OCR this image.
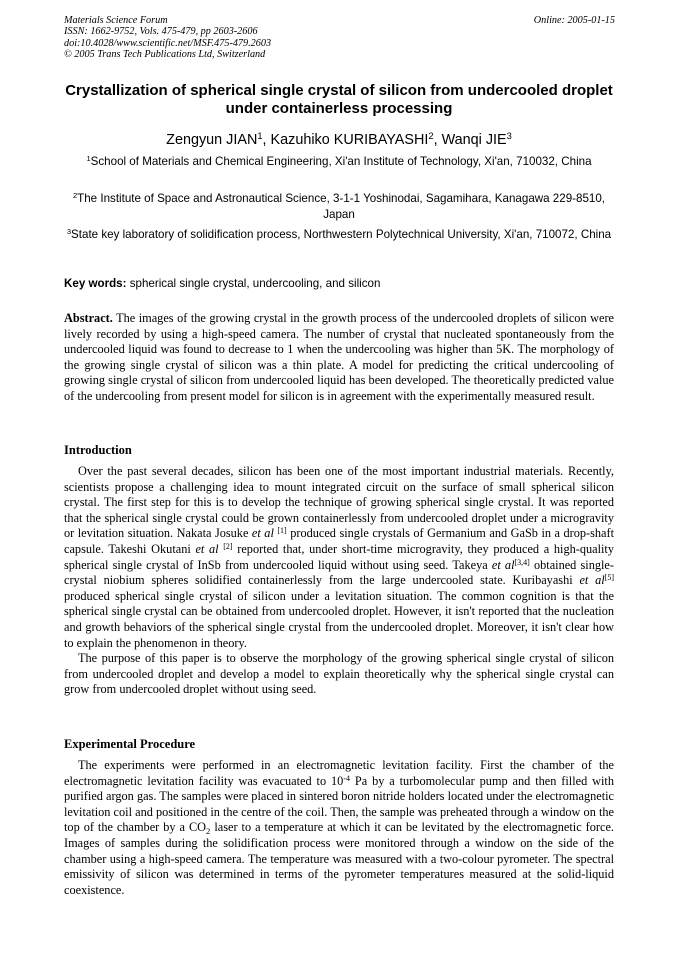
Materials Science Forum
ISSN: 1662-9752, Vols. 475-479, pp 2603-2606
doi:10.4028/www.scientific.net/MSF.475-479.2603
© 2005 Trans Tech Publications Ltd, Switzerland
Online: 2005-01-15
Crystallization of spherical single crystal of silicon from undercooled droplet under containerless processing
Zengyun JIAN$^1$, Kazuhiko KURIBAYASHI$^2$, Wanqi JIE$^3$
$^1$School of Materials and Chemical Engineering, Xi'an Institute of Technology, Xi'an, 710032, China
$^2$The Institute of Space and Astronautical Science, 3-1-1 Yoshinodai, Sagamihara, Kanagawa 229-8510, Japan
$^3$State key laboratory of solidification process, Northwestern Polytechnical University, Xi'an, 710072, China
Key words: spherical single crystal, undercooling, and silicon

Abstract. The images of the growing crystal in the growth process of the undercooled droplets of silicon were lively recorded by using a high-speed camera. The number of crystal that nucleated spontaneously from the undercooled liquid was found to decrease to 1 when the undercooling was higher than 5K. The morphology of the growing single crystal of silicon was a thin plate. A model for predicting the critical undercooling of growing single crystal of silicon from undercooled liquid has been developed. The theoretically predicted value of the undercooling from present model for silicon is in agreement with the experimentally measured result.

Introduction

Over the past several decades, silicon has been one of the most important industrial materials. Recently, scientists propose a challenging idea to mount integrated circuit on the surface of small spherical silicon crystal. The first step for this is to develop the technique of growing spherical single crystal. It was reported that the spherical single crystal could be grown containerlessly from undercooled droplet under a microgravity or levitation situation. Nakata Josuke et al [1] produced single crystals of Germanium and GaSb in a drop-shaft capsule. Takeshi Okutani et al [2] reported that, under short-time microgravity, they produced a high-quality spherical single crystal of InSb from undercooled liquid without using seed. Takeya et al[3,4] obtained single-crystal niobium spheres solidified containerlessly from the large undercooled state. Kuribayashi et al[5] produced spherical single crystal of silicon under a levitation situation. The common cognition is that the spherical single crystal can be obtained from undercooled droplet. However, it isn't reported that the nucleation and growth behaviors of the spherical single crystal from the undercooled droplet. Moreover, it isn't clear how to explain the phenomenon in theory.

The purpose of this paper is to observe the morphology of the growing spherical single crystal of silicon from undercooled droplet and develop a model to explain theoretically why the spherical single crystal can grow from undercooled droplet without using seed.

Experimental Procedure

The experiments were performed in an electromagnetic levitation facility. First the chamber of the electromagnetic levitation facility was evacuated to $10^{-4}$ Pa by a turbomolecular pump and then filled with purified argon gas. The samples were placed in sintered boron nitride holders located under the electromagnetic levitation coil and positioned in the centre of the coil. Then, the sample was preheated through a window on the top of the chamber by a $CO_2$ laser to a temperature at which it can be levitated by the electromagnetic force. Images of samples during the solidification process were monitored through a window on the side of the chamber using a high-speed camera. The temperature was measured with a two-colour pyrometer. The spectral emissivity of silicon was determined in terms of the pyrometer temperatures measured at the solid-liquid coexistence.
